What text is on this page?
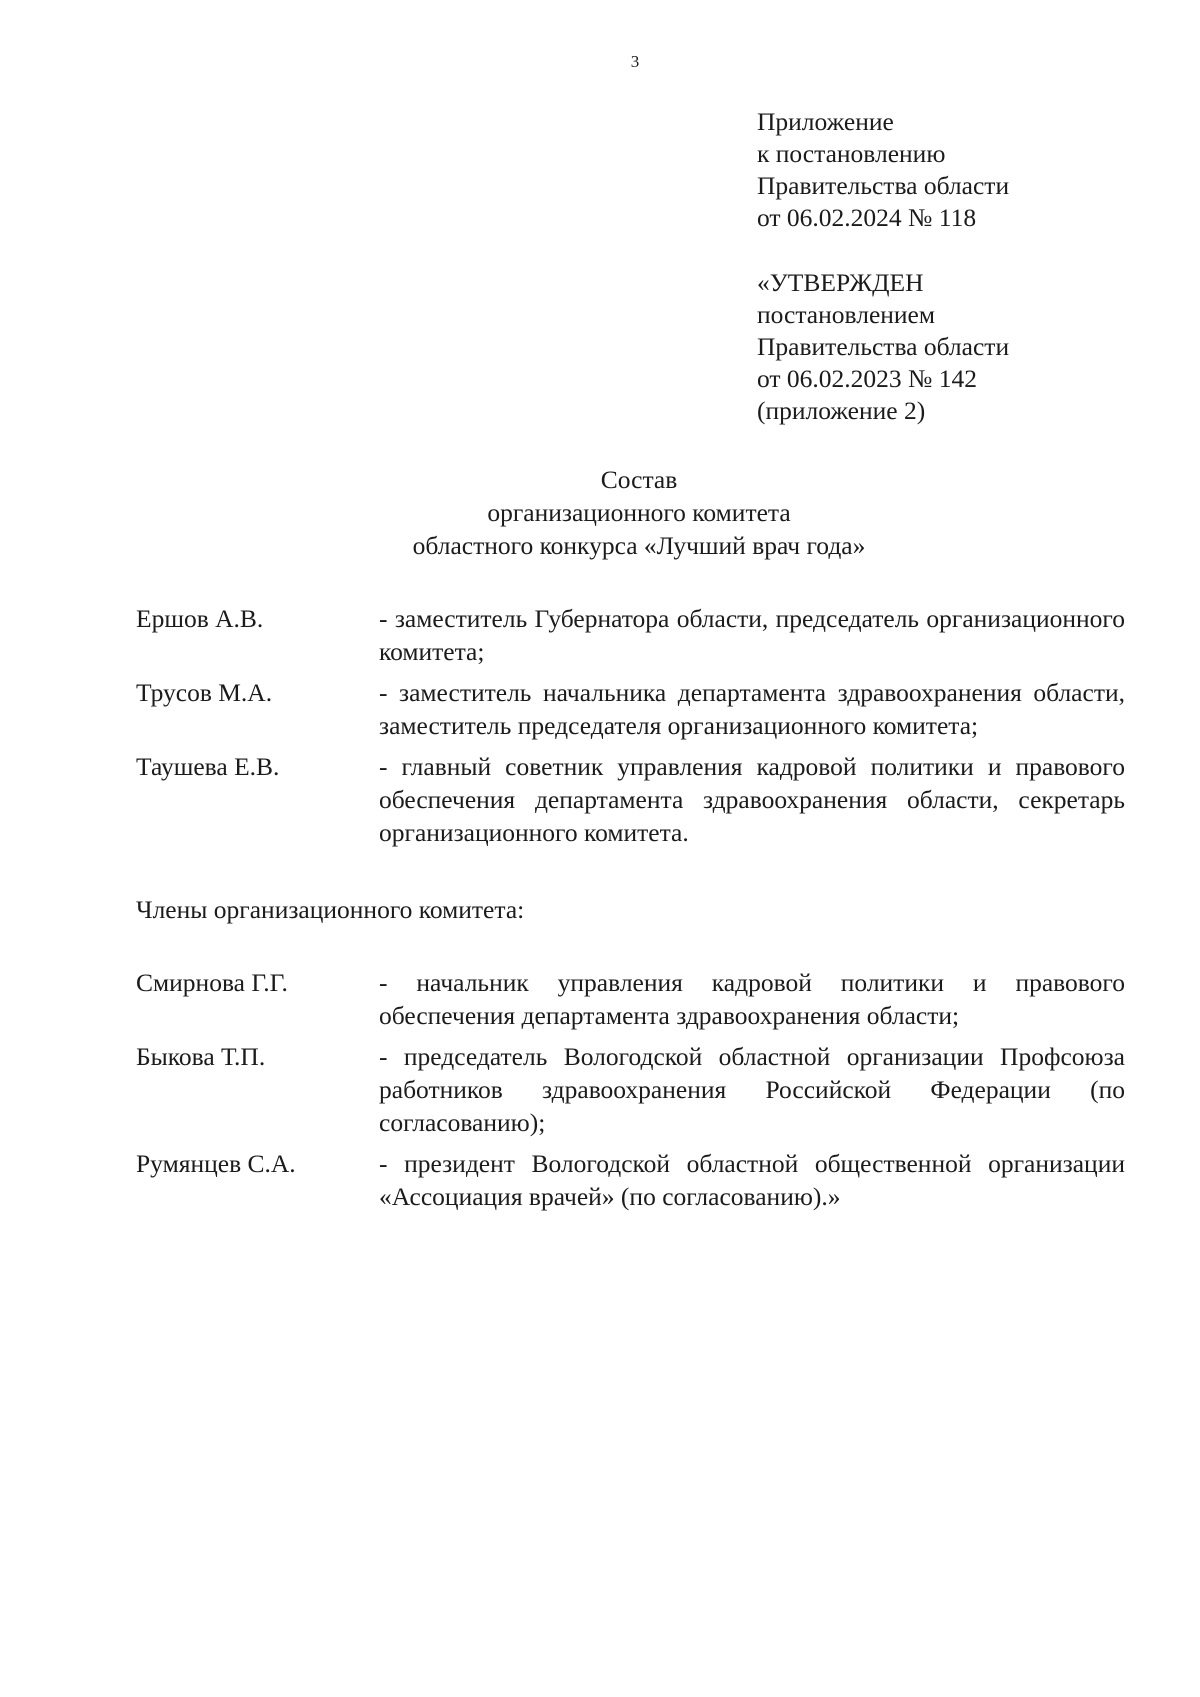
3
Приложение
к постановлению
Правительства области
от 06.02.2024 № 118
«УТВЕРЖДЕН
постановлением
Правительства области
от 06.02.2023 № 142
(приложение 2)
Состав
организационного комитета
областного конкурса «Лучший врач года»
Ершов А.В.	- заместитель Губернатора области, председатель организационного комитета;
Трусов М.А.	- заместитель начальника департамента здравоохранения области, заместитель председателя организационного комитета;
Таушева Е.В.	- главный советник управления кадровой политики и правового обеспечения департамента здравоохранения области, секретарь организационного комитета.
Члены организационного комитета:
Смирнова Г.Г.	- начальник управления кадровой политики и правового обеспечения департамента здравоохранения области;
Быкова Т.П.	- председатель Вологодской областной организации Профсоюза работников здравоохранения Российской Федерации (по согласованию);
Румянцев С.А.	- президент Вологодской областной общественной организации «Ассоциация врачей» (по согласованию).»
